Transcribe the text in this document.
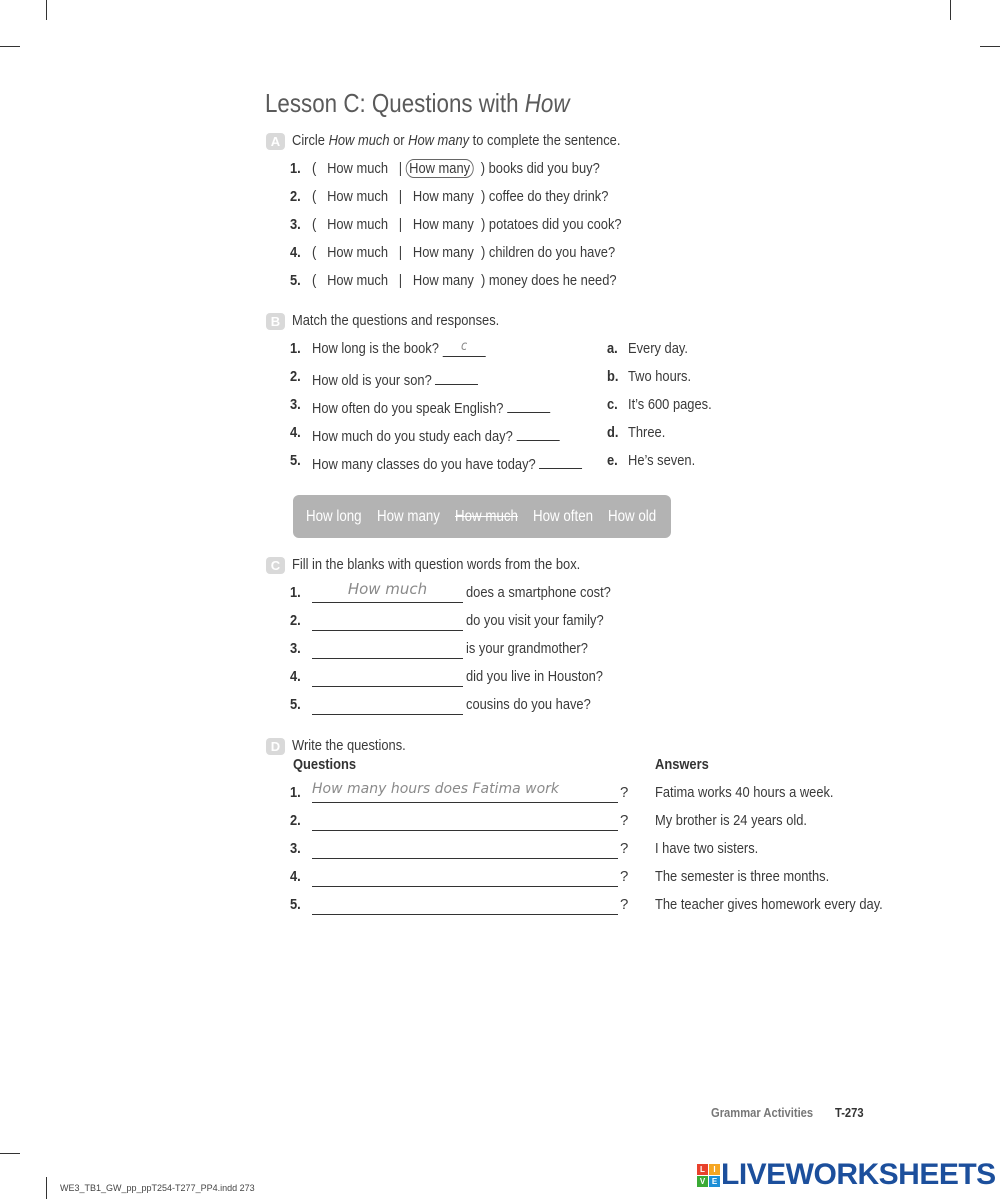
Lesson C: Questions with How
A Circle How much or How many to complete the sentence.
1. ( How much | How many ) books did you buy?
2. ( How much | How many ) coffee do they drink?
3. ( How much | How many ) potatoes did you cook?
4. ( How much | How many ) children do you have?
5. ( How much | How many ) money does he need?
B Match the questions and responses.
1. How long is the book? c
2. How old is your son?
3. How often do you speak English?
4. How much do you study each day?
5. How many classes do you have today?
a. Every day.
b. Two hours.
c. It’s 600 pages.
d. Three.
e. He’s seven.
How long How many How much How often How old
C Fill in the blanks with question words from the box.
1.	How much	does a smartphone cost?
2.	do you visit your family?
3.	is your grandmother?
4.	did you live in Houston?
5.	cousins do you have?
D Write the questions.
Questions	Answers
1. How many hours does Fatima work	? Fatima works 40 hours a week.
2.	? My brother is 24 years old.
3.	? I have two sisters.
4.	? The semester is three months.
5.	? The teacher gives homework every day.
Grammar Activities	T-273
WE3_TB1_GW_pp_ppT254-T277_PP4.indd 273
L	I
V E LIVEWORKSHEETS
